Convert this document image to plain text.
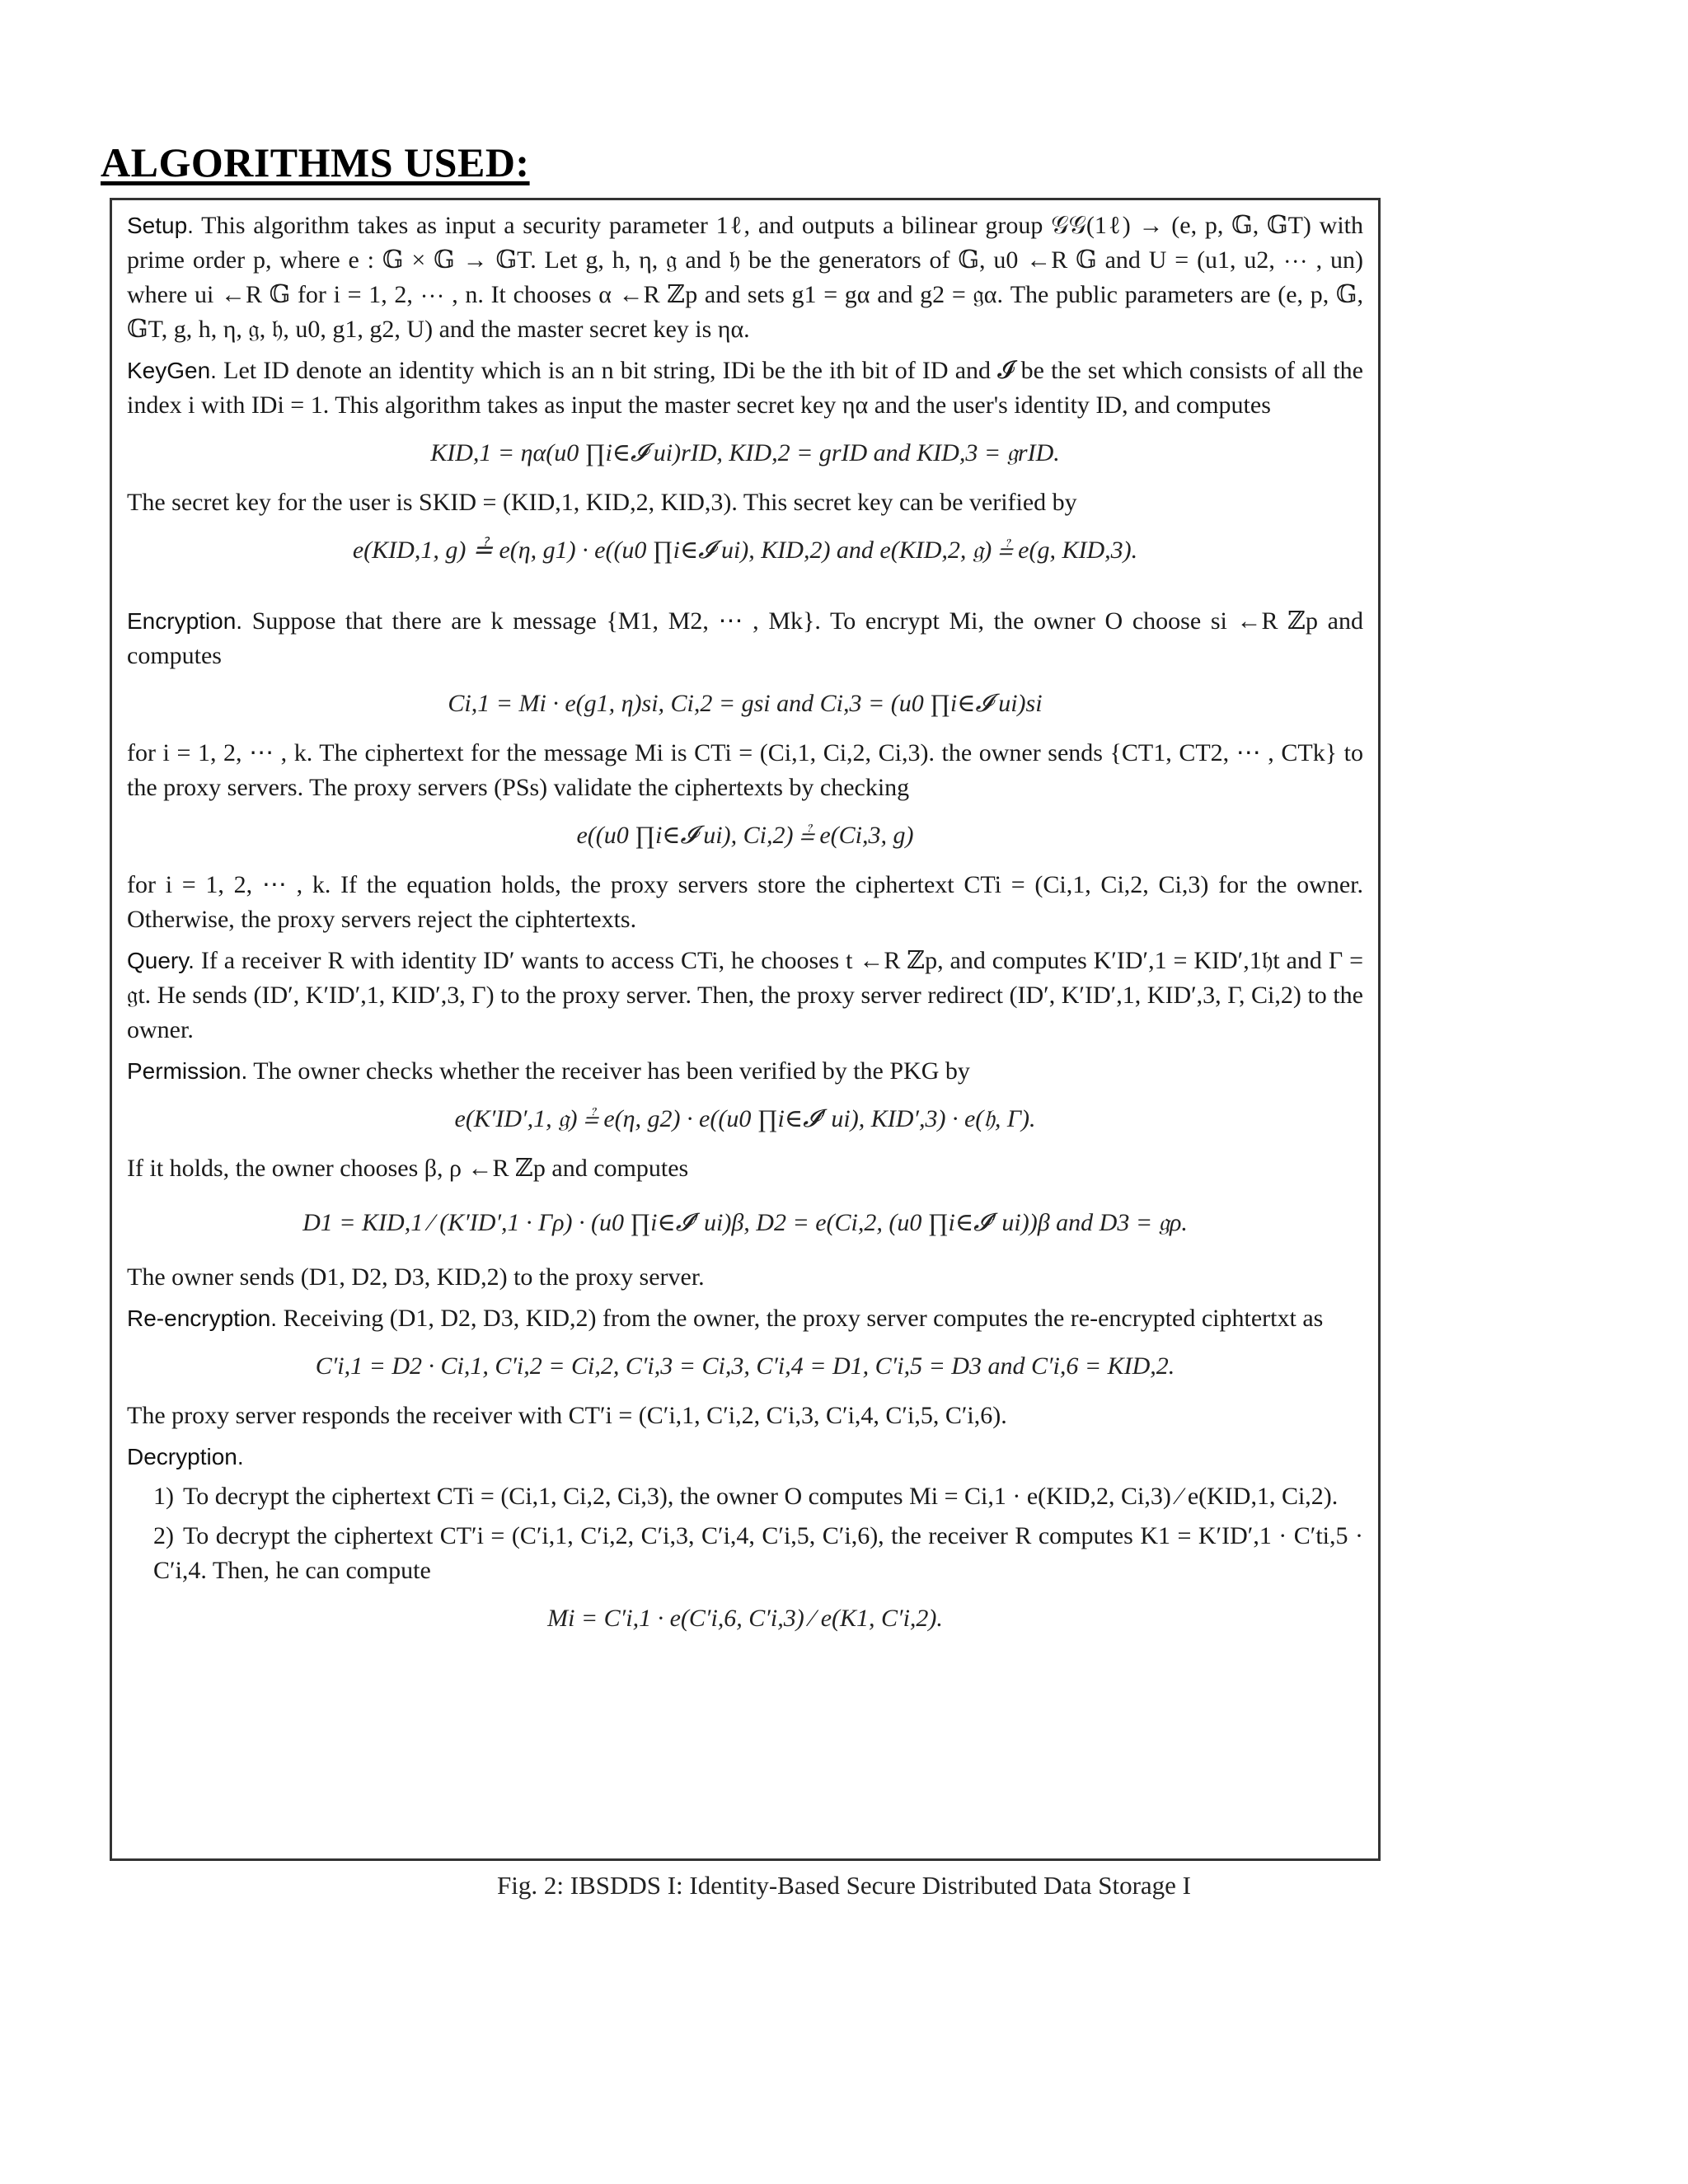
ALGORITHMS USED:

Setup. This algorithm takes as input a security parameter 1ℓ, and outputs a bilinear group 𝒢𝒢(1ℓ) → (e, p, 𝔾, 𝔾T) with prime order p, where e : 𝔾 × 𝔾 → 𝔾T. Let g, h, η, 𝔤 and 𝔥 be the generators of 𝔾, u0 ←R 𝔾 and U = (u1, u2, ⋯ , un) where ui ←R 𝔾 for i = 1, 2, ⋯ , n. It chooses α ←R ℤp and sets g1 = gα and g2 = 𝔤α. The public parameters are (e, p, 𝔾, 𝔾T, g, h, η, 𝔤, 𝔥, u0, g1, g2, U) and the master secret key is ηα.

KeyGen. Let ID denote an identity which is an n bit string, IDi be the ith bit of ID and 𝓘 be the set which consists of all the index i with IDi = 1. This algorithm takes as input the master secret key ηα and the user's identity ID, and computes

KID,1 = ηα(u0 ∏i∈𝓘 ui)rID, KID,2 = grID and KID,3 = 𝔤rID.

The secret key for the user is SKID = (KID,1, KID,2, KID,3). This secret key can be verified by

e(KID,1, g) ≟ e(η, g1) · e((u0 ∏i∈𝓘 ui), KID,2) and e(KID,2, 𝔤) ≟ e(g, KID,3).

Encryption. Suppose that there are k message {M1, M2, ⋯ , Mk}. To encrypt Mi, the owner O choose si ←R ℤp and computes

Ci,1 = Mi · e(g1, η)si, Ci,2 = gsi and Ci,3 = (u0 ∏i∈𝓘 ui)si

for i = 1, 2, ⋯ , k. The ciphertext for the message Mi is CTi = (Ci,1, Ci,2, Ci,3). the owner sends {CT1, CT2, ⋯ , CTk} to the proxy servers. The proxy servers (PSs) validate the ciphertexts by checking

e((u0 ∏i∈𝓘 ui), Ci,2) ≟ e(Ci,3, g)

for i = 1, 2, ⋯ , k. If the equation holds, the proxy servers store the ciphertext CTi = (Ci,1, Ci,2, Ci,3) for the owner. Otherwise, the proxy servers reject the ciphtertexts.

Query. If a receiver R with identity ID′ wants to access CTi, he chooses t ←R ℤp, and computes K′ID′,1 = KID′,1𝔥t and Γ = 𝔤t. He sends (ID′, K′ID′,1, KID′,3, Γ) to the proxy server. Then, the proxy server redirect (ID′, K′ID′,1, KID′,3, Γ, Ci,2) to the owner.

Permission. The owner checks whether the receiver has been verified by the PKG by

e(K′ID′,1, 𝔤) ≟ e(η, g2) · e((u0 ∏i∈𝓘′ ui), KID′,3) · e(𝔥, Γ).

If it holds, the owner chooses β, ρ ←R ℤp and computes

D1 = KID,1 ⁄ (K′ID′,1 · Γρ) · (u0 ∏i∈𝓘′ ui)β, D2 = e(Ci,2, (u0 ∏i∈𝓘′ ui))β and D3 = 𝔤ρ.

The owner sends (D1, D2, D3, KID,2) to the proxy server.

Re-encryption. Receiving (D1, D2, D3, KID,2) from the owner, the proxy server computes the re-encrypted ciphtertxt as

C′i,1 = D2 · Ci,1, C′i,2 = Ci,2, C′i,3 = Ci,3, C′i,4 = D1, C′i,5 = D3 and C′i,6 = KID,2.

The proxy server responds the receiver with CT′i = (C′i,1, C′i,2, C′i,3, C′i,4, C′i,5, C′i,6).

Decryption.

1) To decrypt the ciphertext CTi = (Ci,1, Ci,2, Ci,3), the owner O computes Mi = Ci,1 · e(KID,2, Ci,3) ⁄ e(KID,1, Ci,2).

2) To decrypt the ciphertext CT′i = (C′i,1, C′i,2, C′i,3, C′i,4, C′i,5, C′i,6), the receiver R computes K1 = K′ID′,1 · C′ti,5 · C′i,4. Then, he can compute

Mi = C′i,1 · e(C′i,6, C′i,3) ⁄ e(K1, C′i,2).
Fig. 2: IBSDDS I: Identity-Based Secure Distributed Data Storage I
